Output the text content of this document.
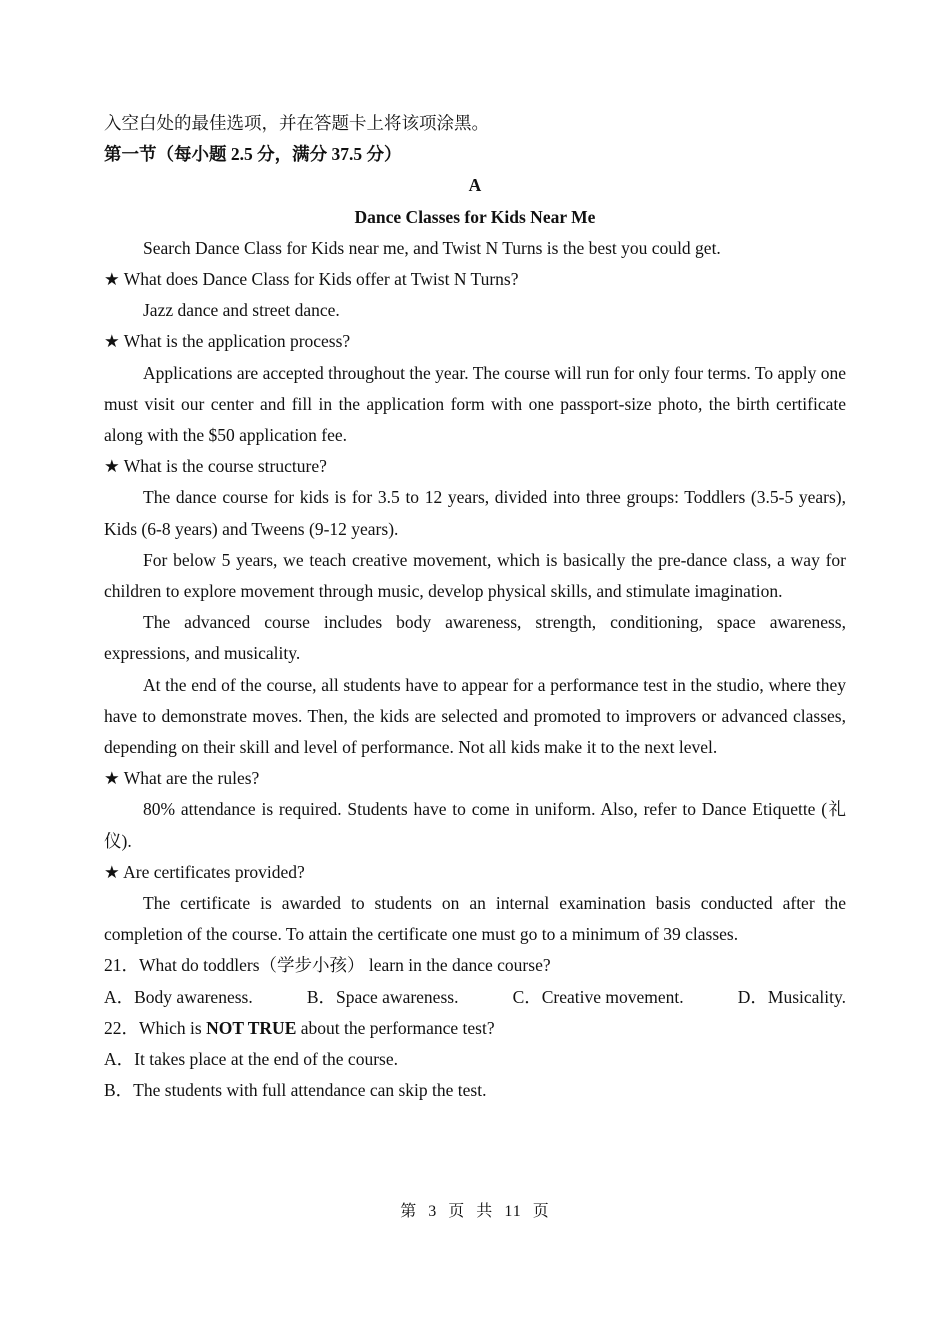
入空白处的最佳选项，并在答题卡上将该项涂黑。

第一节（每小题 2.5 分，满分 37.5 分）

A

Dance Classes for Kids Near Me

Search Dance Class for Kids near me, and Twist N Turns is the best you could get.

★ What does Dance Class for Kids offer at Twist N Turns?

Jazz dance and street dance.

★ What is the application process?

Applications are accepted throughout the year. The course will run for only four terms. To apply one must visit our center and fill in the application form with one passport-size photo, the birth certificate along with the $50 application fee.

★ What is the course structure?

The dance course for kids is for 3.5 to 12 years, divided into three groups: Toddlers (3.5-5 years), Kids (6-8 years) and Tweens (9-12 years).

For below 5 years, we teach creative movement, which is basically the pre-dance class, a way for children to explore movement through music, develop physical skills, and stimulate imagination.

The advanced course includes body awareness, strength, conditioning, space awareness, expressions, and musicality.

At the end of the course, all students have to appear for a performance test in the studio, where they have to demonstrate moves. Then, the kids are selected and promoted to improvers or advanced classes, depending on their skill and level of performance. Not all kids make it to the next level.

★ What are the rules?

80% attendance is required. Students have to come in uniform. Also, refer to Dance Etiquette (礼仪).

★ Are certificates provided?

The certificate is awarded to students on an internal examination basis conducted after the completion of the course. To attain the certificate one must go to a minimum of 39 classes.

21．What do toddlers（学步小孩） learn in the dance course?

A．Body awareness.	B．Space awareness.	C．Creative movement.	D．Musicality.

22．Which is NOT TRUE about the performance test?

A．It takes place at the end of the course.

B．The students with full attendance can skip the test.

第 3 页 共 11 页
